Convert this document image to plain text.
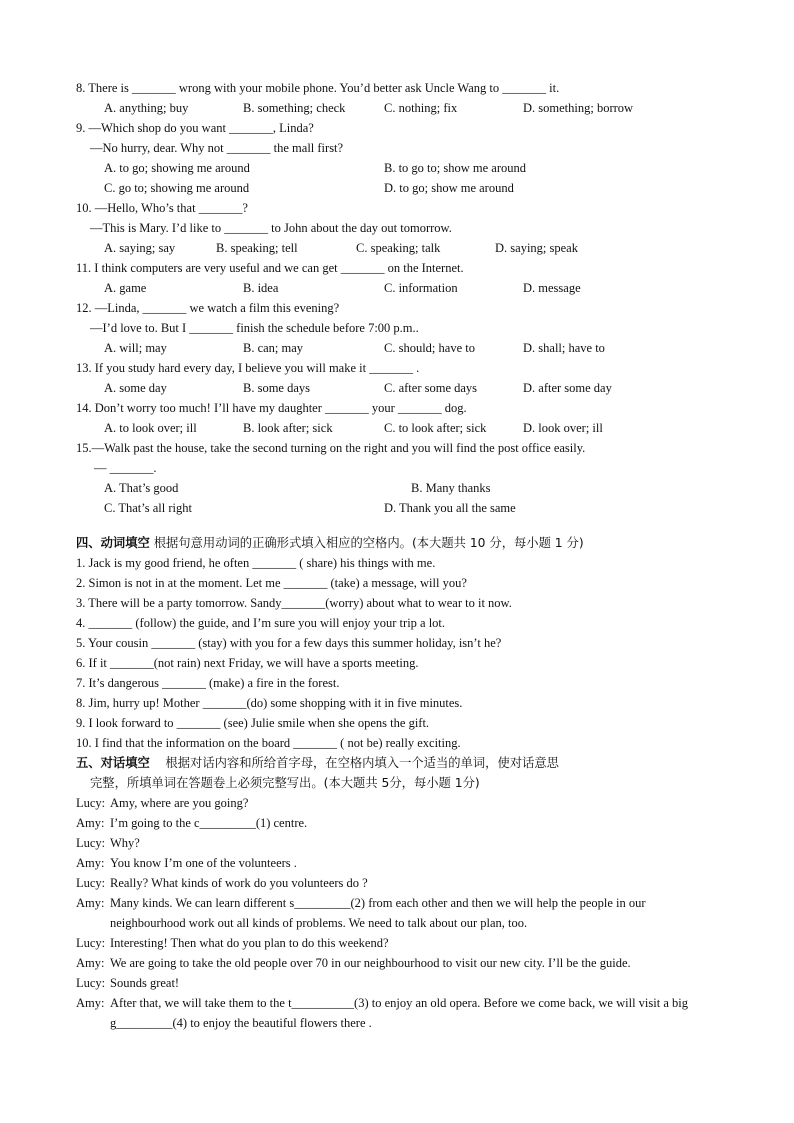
8. There is _______ wrong with your mobile phone. You’d better ask Uncle Wang to _______ it.
A. anything; buy	B. something; check	C. nothing; fix	D. something; borrow
9. —Which shop do you want _______, Linda?
—No hurry, dear. Why not _______ the mall first?
A. to go; showing me around	B. to go to; show me around
C. go to; showing me around	D. to go; show me around
10. —Hello, Who’s that _______?
—This is Mary. I’d like to _______ to John about the day out tomorrow.
A. saying; say	B. speaking; tell	C. speaking; talk	D. saying; speak
11. I think computers are very useful and we can get _______ on the Internet.
A. game	B. idea	C. information	D. message
12. —Linda, _______ we watch a film this evening?
—I’d love to. But I _______ finish the schedule before 7:00 p.m..
A. will; may	B. can; may	C. should; have to	D. shall; have to
13. If you study hard every day, I believe you will make it _______ .
A. some day	B. some days	C. after some days	D. after some day
14. Don’t worry too much! I’ll have my daughter _______ your _______ dog.
A. to look over; ill	B. look after; sick	C. to look after; sick	D. look over; ill
15.—Walk past the house, take the second turning on the right and you will find the post office easily.
— _______.
A. That’s good	B. Many thanks
C. That’s all right	D. Thank you all the same
四、动词填空 根据句意用动词的正确形式填入相应的空格内。(本大题共 10 分，每小题 1 分)
1. Jack is my good friend, he often _______ ( share) his things with me.
2. Simon is not in at the moment. Let me _______ (take) a message, will you?
3. There will be a party tomorrow. Sandy_______(worry) about what to wear to it now.
4. _______ (follow) the guide, and I’m sure you will enjoy your trip a lot.
5. Your cousin _______ (stay) with you for a few days this summer holiday, isn’t he?
6. If it _______(not rain) next Friday, we will have a sports meeting.
7. It’s dangerous _______ (make) a fire in the forest.
8. Jim, hurry up! Mother _______(do) some shopping with it in five minutes.
9. I look forward to _______ (see) Julie smile when she opens the gift.
10. I find that the information on the board _______ ( not be) really exciting.
五、对话填空    根据对话内容和所给首字母，在空格内填入一个适当的单词，使对话意思
完整，所填单词在答题卷上必须完整写出。(本大题共 5分，每小题 1分)
Lucy: Amy, where are you going?
Amy: I’m going to the c_________(1) centre.
Lucy: Why?
Amy: You know I’m one of the volunteers .
Lucy: Really? What kinds of work do you volunteers do ?
Amy: Many kinds. We can learn different s_________(2) from each other and then we will help the people in our neighbourhood work out all kinds of problems. We need to talk about our plan, too.
Lucy: Interesting! Then what do you plan to do this weekend?
Amy: We are going to take the old people over 70 in our neighbourhood to visit our new city. I’ll be the guide.
Lucy: Sounds great!
Amy: After that, we will take them to the t__________(3) to enjoy an old opera. Before we come back, we will visit a big g_________(4) to enjoy the beautiful flowers there .
